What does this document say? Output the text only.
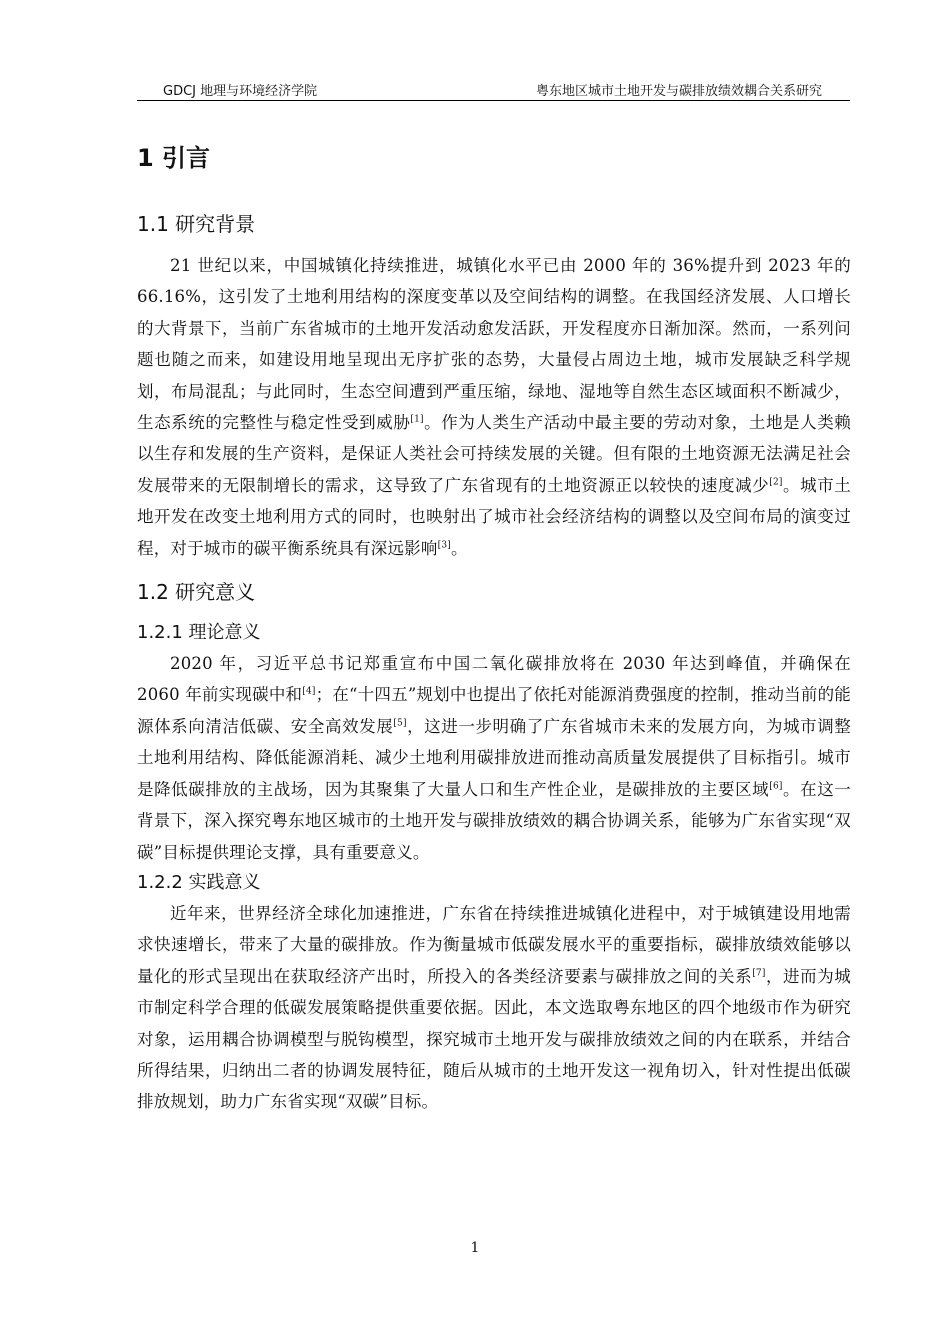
GDCJ 地理与环境经济学院	粤东地区城市土地开发与碳排放绩效耦合关系研究
1 引言
1.1 研究背景

21 世纪以来，中国城镇化持续推进，城镇化水平已由 2000 年的 36%提升到 2023 年的 66.16%，这引发了土地利用结构的深度变革以及空间结构的调整。在我国经济发展、人口增长的大背景下，当前广东省城市的土地开发活动愈发活跃，开发程度亦日渐加深。然而，一系列问题也随之而来，如建设用地呈现出无序扩张的态势，大量侵占周边土地，城市发展缺乏科学规划，布局混乱；与此同时，生态空间遭到严重压缩，绿地、湿地等自然生态区域面积不断减少，生态系统的完整性与稳定性受到威胁[1]。作为人类生产活动中最主要的劳动对象，土地是人类赖以生存和发展的生产资料，是保证人类社会可持续发展的关键。但有限的土地资源无法满足社会发展带来的无限制增长的需求，这导致了广东省现有的土地资源正以较快的速度减少[2]。城市土地开发在改变土地利用方式的同时，也映射出了城市社会经济结构的调整以及空间布局的演变过程，对于城市的碳平衡系统具有深远影响[3]。

1.2 研究意义
1.2.1 理论意义

2020 年，习近平总书记郑重宣布中国二氧化碳排放将在 2030 年达到峰值，并确保在 2060 年前实现碳中和[4]；在“十四五”规划中也提出了依托对能源消费强度的控制，推动当前的能源体系向清洁低碳、安全高效发展[5]，这进一步明确了广东省城市未来的发展方向，为城市调整土地利用结构、降低能源消耗、减少土地利用碳排放进而推动高质量发展提供了目标指引。城市是降低碳排放的主战场，因为其聚集了大量人口和生产性企业，是碳排放的主要区域[6]。在这一背景下，深入探究粤东地区城市的土地开发与碳排放绩效的耦合协调关系，能够为广东省实现“双碳”目标提供理论支撑，具有重要意义。

1.2.2 实践意义

近年来，世界经济全球化加速推进，广东省在持续推进城镇化进程中，对于城镇建设用地需求快速增长，带来了大量的碳排放。作为衡量城市低碳发展水平的重要指标，碳排放绩效能够以量化的形式呈现出在获取经济产出时，所投入的各类经济要素与碳排放之间的关系[7]，进而为城市制定科学合理的低碳发展策略提供重要依据。因此，本文选取粤东地区的四个地级市作为研究对象，运用耦合协调模型与脱钩模型，探究城市土地开发与碳排放绩效之间的内在联系，并结合所得结果，归纳出二者的协调发展特征，随后从城市的土地开发这一视角切入，针对性提出低碳排放规划，助力广东省实现“双碳”目标。

1
